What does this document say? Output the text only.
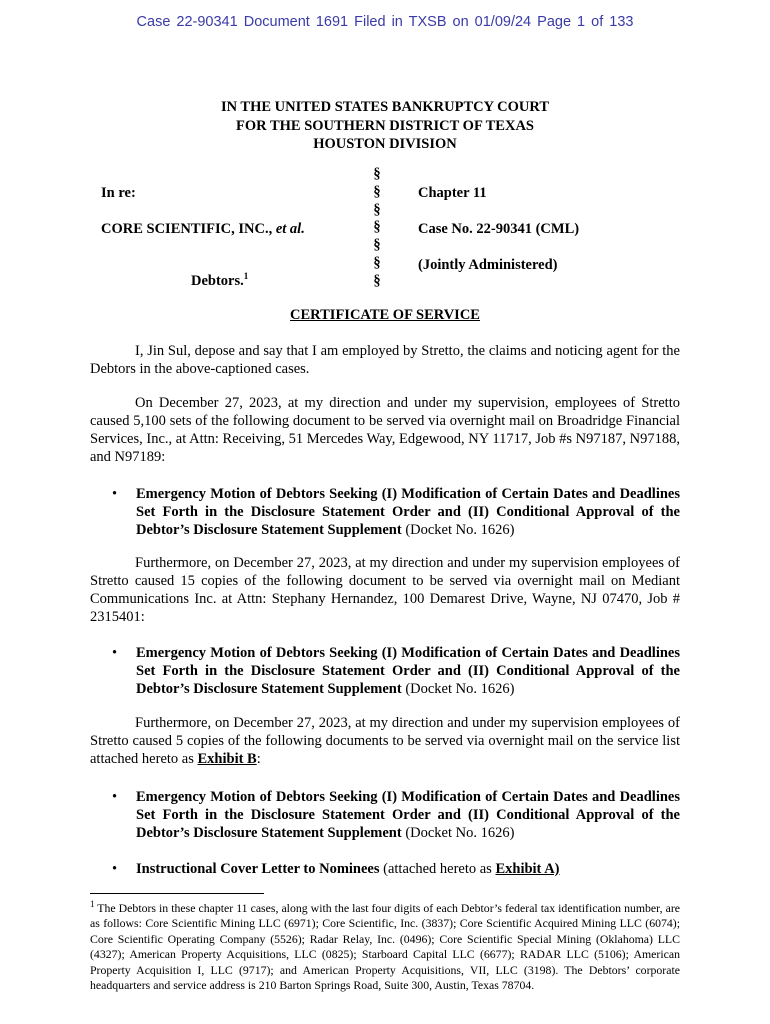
Case 22-90341 Document 1691 Filed in TXSB on 01/09/24 Page 1 of 133
IN THE UNITED STATES BANKRUPTCY COURT
FOR THE SOUTHERN DISTRICT OF TEXAS
HOUSTON DIVISION
In re:
CORE SCIENTIFIC, INC., et al.
Debtors.$^1$
§
§
§
§
§
§
§
Chapter 11
Case No. 22-90341 (CML)
(Jointly Administered)
CERTIFICATE OF SERVICE
I, Jin Sul, depose and say that I am employed by Stretto, the claims and noticing agent for the Debtors in the above-captioned cases.
On December 27, 2023, at my direction and under my supervision, employees of Stretto caused 5,100 sets of the following document to be served via overnight mail on Broadridge Financial Services, Inc., at Attn: Receiving, 51 Mercedes Way, Edgewood, NY 11717, Job #s N97187, N97188, and N97189:
• Emergency Motion of Debtors Seeking (I) Modification of Certain Dates and Deadlines Set Forth in the Disclosure Statement Order and (II) Conditional Approval of the Debtor’s Disclosure Statement Supplement (Docket No. 1626)
Furthermore, on December 27, 2023, at my direction and under my supervision employees of Stretto caused 15 copies of the following document to be served via overnight mail on Mediant Communications Inc. at Attn: Stephany Hernandez, 100 Demarest Drive, Wayne, NJ 07470, Job # 2315401:
• Emergency Motion of Debtors Seeking (I) Modification of Certain Dates and Deadlines Set Forth in the Disclosure Statement Order and (II) Conditional Approval of the Debtor’s Disclosure Statement Supplement (Docket No. 1626)
Furthermore, on December 27, 2023, at my direction and under my supervision employees of Stretto caused 5 copies of the following documents to be served via overnight mail on the service list attached hereto as Exhibit B:
• Emergency Motion of Debtors Seeking (I) Modification of Certain Dates and Deadlines Set Forth in the Disclosure Statement Order and (II) Conditional Approval of the Debtor’s Disclosure Statement Supplement (Docket No. 1626)
• Instructional Cover Letter to Nominees (attached hereto as Exhibit A)
$^1$ The Debtors in these chapter 11 cases, along with the last four digits of each Debtor’s federal tax identification number, are as follows: Core Scientific Mining LLC (6971); Core Scientific, Inc. (3837); Core Scientific Acquired Mining LLC (6074); Core Scientific Operating Company (5526); Radar Relay, Inc. (0496); Core Scientific Special Mining (Oklahoma) LLC (4327); American Property Acquisitions, LLC (0825); Starboard Capital LLC (6677); RADAR LLC (5106); American Property Acquisition I, LLC (9717); and American Property Acquisitions, VII, LLC (3198). The Debtors’ corporate headquarters and service address is 210 Barton Springs Road, Suite 300, Austin, Texas 78704.
